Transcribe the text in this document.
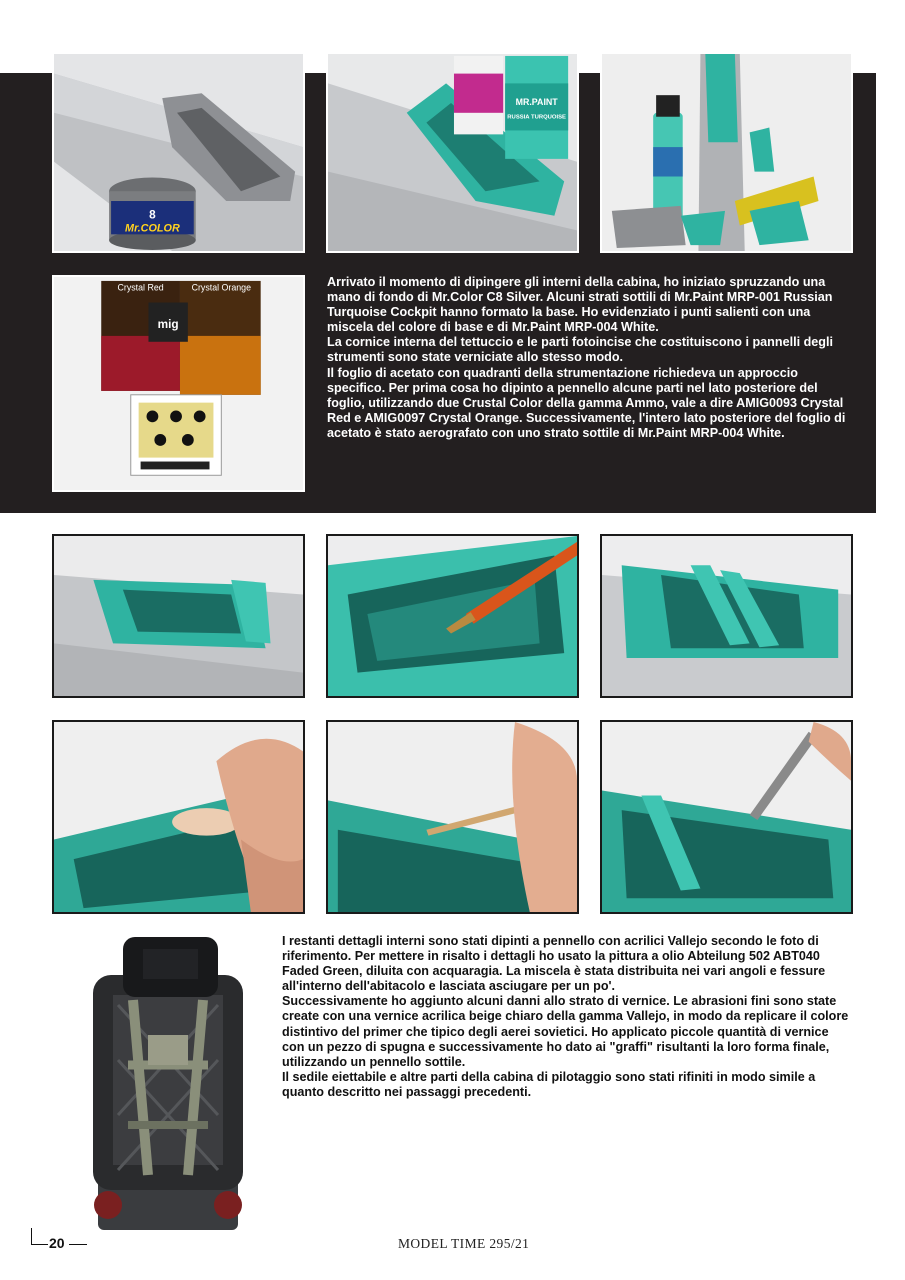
8
Mr.COLOR
MR.PAINT
RUSSIA TURQUOISE
Crystal Red	Crystal Orange
mig

Arrivato il momento di dipingere gli interni della cabina, ho iniziato spruzzando una mano di fondo di Mr.Color C8 Silver. Alcuni strati sottili di Mr.Paint MRP-001 Russian Turquoise Cockpit hanno formato la base. Ho evidenziato i punti salienti con una miscela del colore di base e di Mr.Paint MRP-004 White.

La cornice interna del tettuccio e le parti fotoincise che costituiscono i pannelli degli strumenti sono state verniciate allo stesso modo.

Il foglio di acetato con quadranti della strumentazione richiedeva un approccio specifico. Per prima cosa ho dipinto a pennello alcune parti nel lato posteriore del foglio, utilizzando due Crustal Color della gamma Ammo, vale a dire AMIG0093 Crystal Red e AMIG0097 Crystal Orange. Successivamente, l'intero lato posteriore del foglio di acetato è stato aerografato con uno strato sottile di Mr.Paint MRP-004 White.

I restanti dettagli interni sono stati dipinti a pennello con acrilici Vallejo secondo le foto di riferimento. Per mettere in risalto i dettagli ho usato la pittura a olio Abteilung 502 ABT040 Faded Green, diluita con acquaragia. La miscela è stata distribuita nei vari angoli e fessure all'interno dell'abitacolo e lasciata asciugare per un po'.

Successivamente ho aggiunto alcuni danni allo strato di vernice. Le abrasioni fini sono state create con una vernice acrilica beige chiaro della gamma Vallejo, in modo da replicare il colore distintivo del primer che tipico degli aerei sovietici. Ho applicato piccole quantità di vernice con un pezzo di spugna e successivamente ho dato ai "graffi" risultanti la loro forma finale, utilizzando un pennello sottile.

Il sedile eiettabile e altre parti della cabina di pilotaggio sono stati rifiniti in modo simile a quanto descritto nei passaggi precedenti.

20	MODEL TIME 295/21
